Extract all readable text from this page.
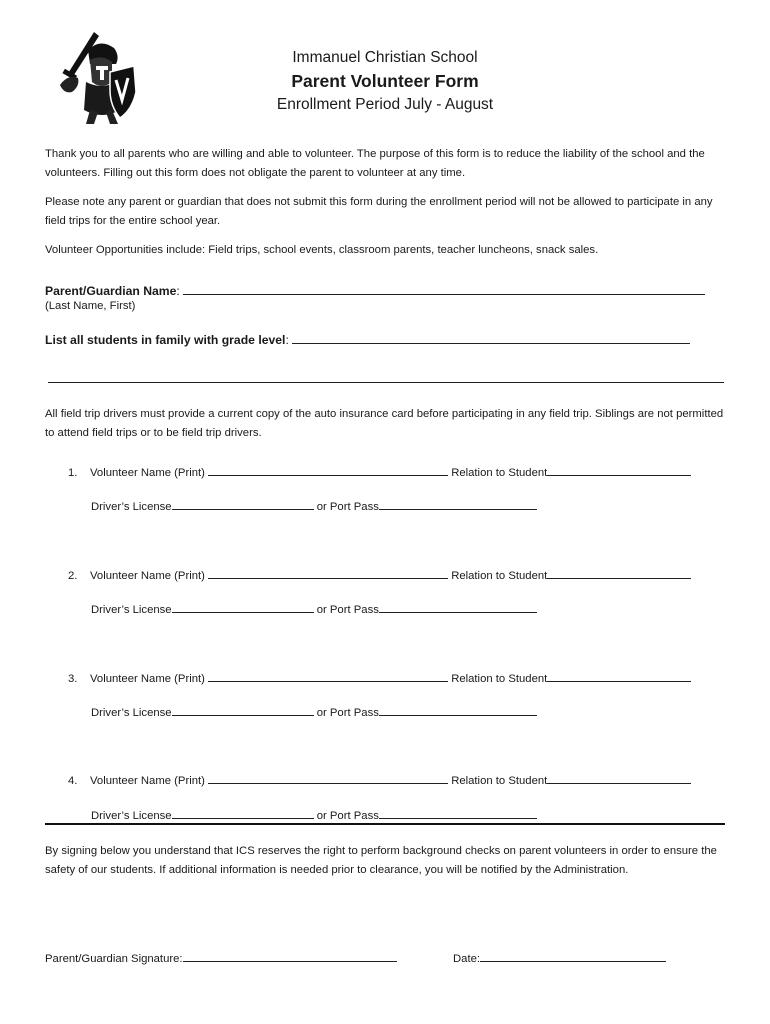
Immanuel Christian School
Parent Volunteer Form
Enrollment Period July - August

Thank you to all parents who are willing and able to volunteer. The purpose of this form is to reduce the liability of the school and the volunteers. Filling out this form does not obligate the parent to volunteer at any time.

Please note any parent or guardian that does not submit this form during the enrollment period will not be allowed to participate in any field trips for the entire school year.

Volunteer Opportunities include: Field trips, school events, classroom parents, teacher luncheons, snack sales.

Parent/Guardian Name:
(Last Name, First)
List all students in family with grade level:

All field trip drivers must provide a current copy of the auto insurance card before participating in any field trip. Siblings are not permitted to attend field trips or to be field trip drivers.

1. Volunteer Name (Print)	Relation to Student
Driver’s License	or Port Pass
2. Volunteer Name (Print)	Relation to Student
Driver’s License	or Port Pass
3. Volunteer Name (Print)	Relation to Student
Driver’s License	or Port Pass
4. Volunteer Name (Print)	Relation to Student
Driver’s License	or Port Pass

By signing below you understand that ICS reserves the right to perform background checks on parent volunteers in order to ensure the safety of our students. If additional information is needed prior to clearance, you will be notified by the Administration.

Parent/Guardian Signature:	Date:
